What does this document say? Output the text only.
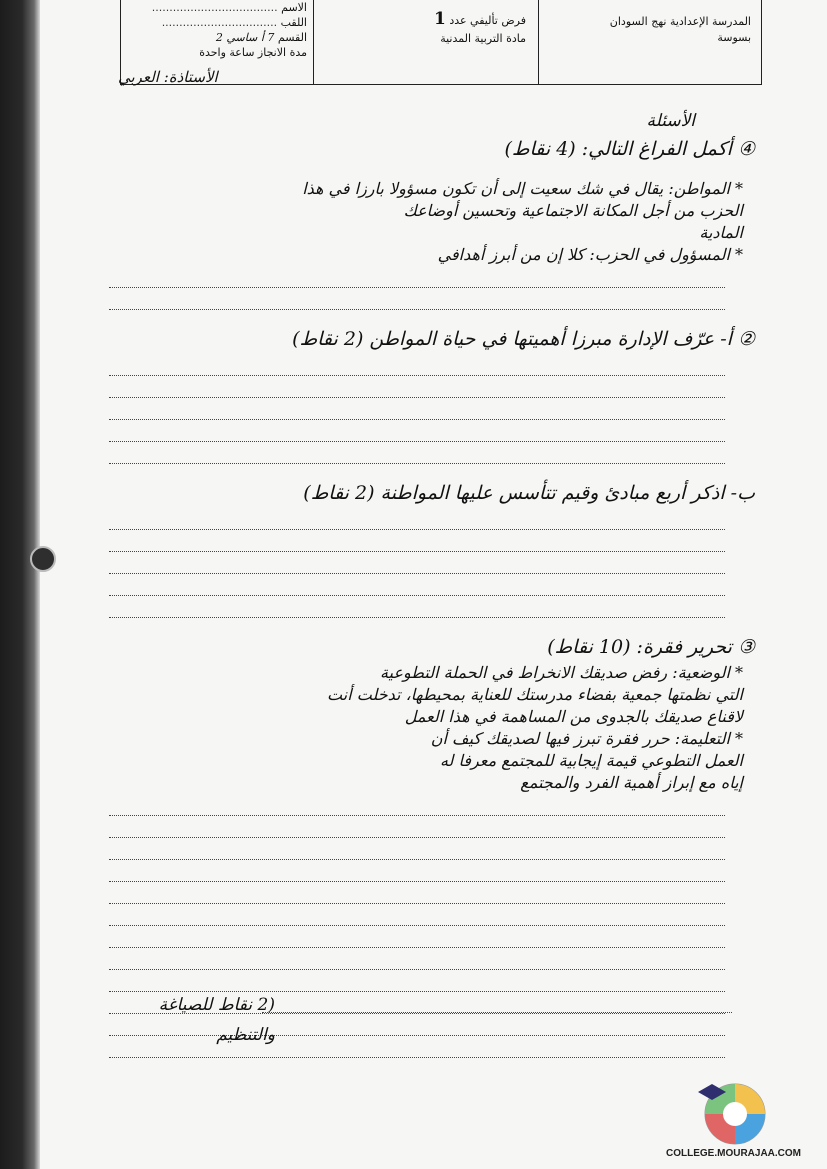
المدرسة الإعدادية نهج السودان
بسوسة
فرض تأليفي عدد 1
مادة التربية المدنية
الاسم ....................................
اللقب .................................
القسم 7 أ ساسي 2
مدة الانجاز ساعة واحدة
الأستاذة: العربي
الأسئلة
④ أكمل الفراغ التالي: (4 نقاط)
* المواطن: يقال في شك سعيت إلى أن تكون مسؤولا بارزا في هذا
الحزب من أجل المكانة الاجتماعية وتحسين أوضاعك
المادية
* المسؤول في الحزب: كلا إن من أبرز أهدافي
② أ- عرّف الإدارة مبرزا أهميتها في حياة المواطن (2 نقاط)
ب- اذكر أربع مبادئ وقيم تتأسس عليها المواطنة (2 نقاط)
③ تحرير فقرة: (10 نقاط)
* الوضعية: رفض صديقك الانخراط في الحملة التطوعية
التي نظمتها جمعية بفضاء مدرستك للعناية بمحيطها، تدخلت أنت
لاقناع صديقك بالجدوى من المساهمة في هذا العمل
* التعليمة: حرر فقرة تبرز فيها لصديقك كيف أن
العمل التطوعي قيمة إيجابية للمجتمع معرفا له
إياه مع إبراز أهمية الفرد والمجتمع
(2 نقاط للصياغة
والتنظيم
COLLEGE.MOURAJAA.COM
